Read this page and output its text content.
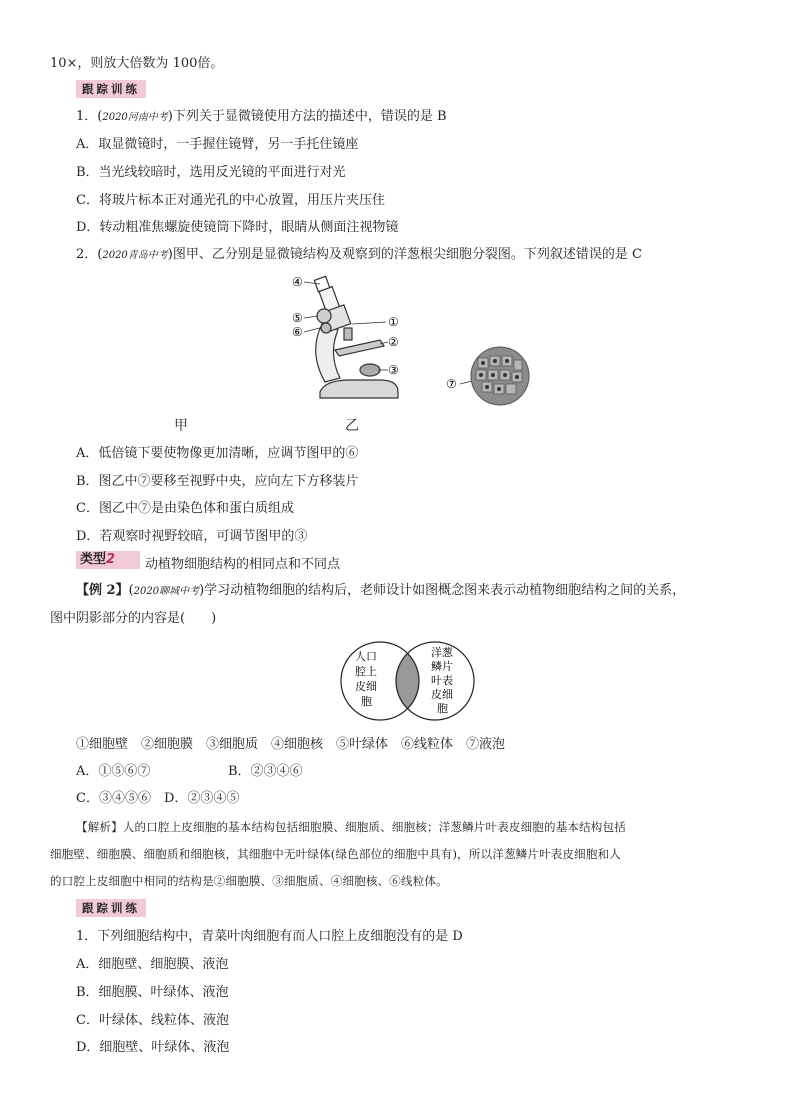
10×，则放大倍数为 100倍。
跟踪训练
1．(2020河南中考)下列关于显微镜使用方法的描述中，错误的是 B
A．取显微镜时，一手握住镜臂，另一手托住镜座
B．当光线较暗时，选用反光镜的平面进行对光
C．将玻片标本正对通光孔的中心放置，用压片夹压住
D．转动粗准焦螺旋使镜筒下降时，眼睛从侧面注视物镜
2．(2020青岛中考)图甲、乙分别是显微镜结构及观察到的洋葱根尖细胞分裂图。下列叙述错误的是 C
④
⑤
⑥
①
②
③
⑦
甲	乙
A．低倍镜下要使物像更加清晰，应调节图甲的⑥
B．图乙中⑦要移至视野中央，应向左下方移装片
C．图乙中⑦是由染色体和蛋白质组成
D．若观察时视野较暗，可调节图甲的③
类型2	动植物细胞结构的相同点和不同点
【例 2】(2020聊城中考)学习动植物细胞的结构后，老师设计如图概念图来表示动植物细胞结构之间的关系，
图中阴影部分的内容是(　　)
人口
腔上
皮细
胞
洋葱
鳞片
叶表
皮细
胞
①细胞壁　②细胞膜　③细胞质　④细胞核　⑤叶绿体　⑥线粒体　⑦液泡
A．①⑤⑥⑦	B．②③④⑥
C．③④⑤⑥　D．②③④⑤
【解析】人的口腔上皮细胞的基本结构包括细胞膜、细胞质、细胞核；洋葱鳞片叶表皮细胞的基本结构包括
细胞壁、细胞膜、细胞质和细胞核，其细胞中无叶绿体(绿色部位的细胞中具有)，所以洋葱鳞片叶表皮细胞和人
的口腔上皮细胞中相同的结构是②细胞膜、③细胞质、④细胞核、⑥线粒体。
跟踪训练
1．下列细胞结构中，青菜叶肉细胞有而人口腔上皮细胞没有的是 D
A．细胞壁、细胞膜、液泡
B．细胞膜、叶绿体、液泡
C．叶绿体、线粒体、液泡
D．细胞壁、叶绿体、液泡
